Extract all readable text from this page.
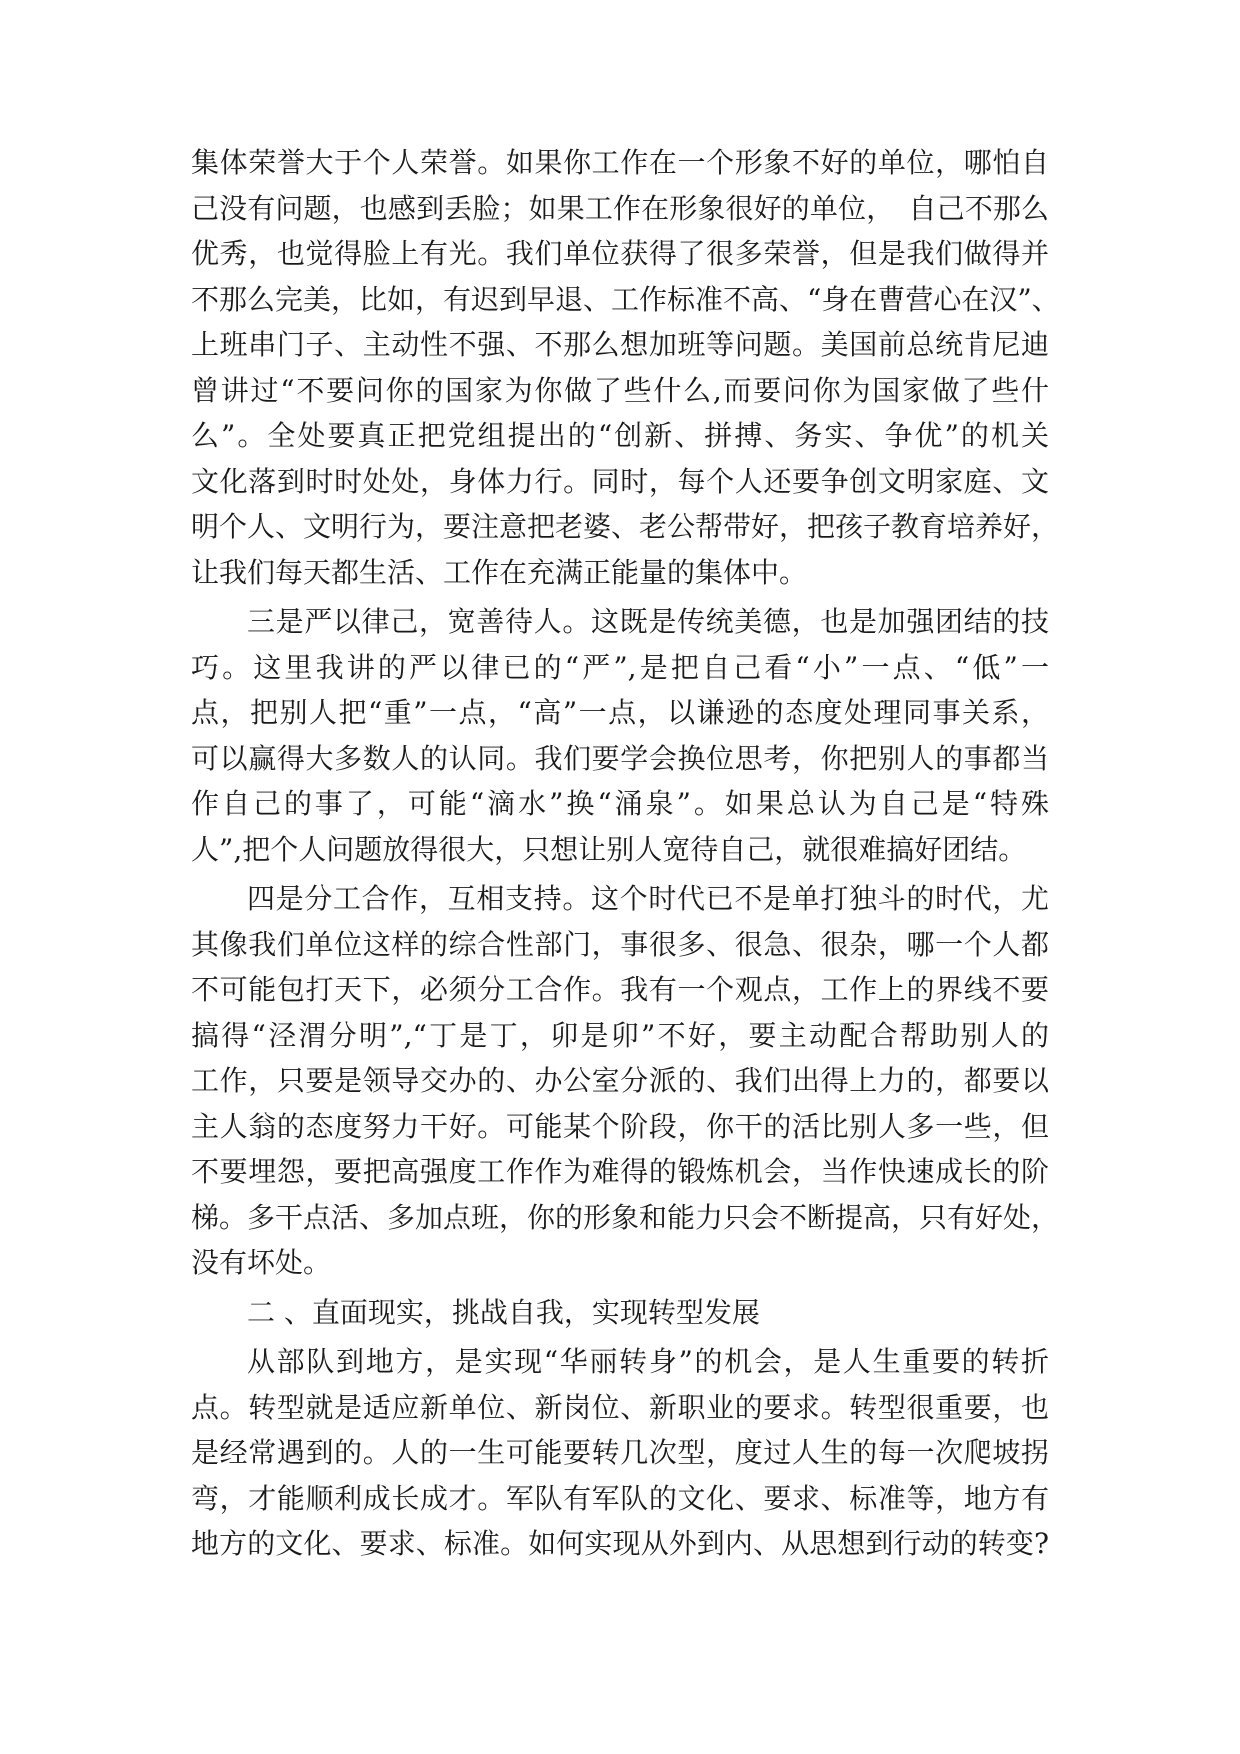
集体荣誉大于个人荣誉。如果你工作在一个形象不好的单位，哪怕自
己没有问题，也感到丢脸；如果工作在形象很好的单位，　自己不那么
优秀，也觉得脸上有光。我们单位获得了很多荣誉，但是我们做得并
不那么完美，比如，有迟到早退、工作标准不高、“身在曹营心在汉”、
上班串门子、主动性不强、不那么想加班等问题。美国前总统肯尼迪
曾讲过“不要问你的国家为你做了些什么,而要问你为国家做了些什
么”。全处要真正把党组提出的“创新、拼搏、务实、争优”的机关
文化落到时时处处，身体力行。同时，每个人还要争创文明家庭、文
明个人、文明行为，要注意把老婆、老公帮带好，把孩子教育培养好，
让我们每天都生活、工作在充满正能量的集体中。
三是严以律己，宽善待人。这既是传统美德，也是加强团结的技
巧。这里我讲的严以律已的“严”,是把自己看“小”一点、“低”一
点，把别人把“重”一点，“高”一点，以谦逊的态度处理同事关系，
可以赢得大多数人的认同。我们要学会换位思考，你把别人的事都当
作自己的事了，可能“滴水”换“涌泉”。如果总认为自己是“特殊
人”,把个人问题放得很大，只想让别人宽待自己，就很难搞好团结。
四是分工合作，互相支持。这个时代已不是单打独斗的时代，尤
其像我们单位这样的综合性部门，事很多、很急、很杂，哪一个人都
不可能包打天下，必须分工合作。我有一个观点，工作上的界线不要
搞得“泾渭分明”,“丁是丁，卯是卯”不好，要主动配合帮助别人的
工作，只要是领导交办的、办公室分派的、我们出得上力的，都要以
主人翁的态度努力干好。可能某个阶段，你干的活比别人多一些，但
不要埋怨，要把高强度工作作为难得的锻炼机会，当作快速成长的阶
梯。多干点活、多加点班，你的形象和能力只会不断提高，只有好处，
没有坏处。
二 、直面现实，挑战自我，实现转型发展
从部队到地方，是实现“华丽转身”的机会，是人生重要的转折
点。转型就是适应新单位、新岗位、新职业的要求。转型很重要，也
是经常遇到的。人的一生可能要转几次型，度过人生的每一次爬坡拐
弯，才能顺利成长成才。军队有军队的文化、要求、标准等，地方有
地方的文化、要求、标准。如何实现从外到内、从思想到行动的转变?
